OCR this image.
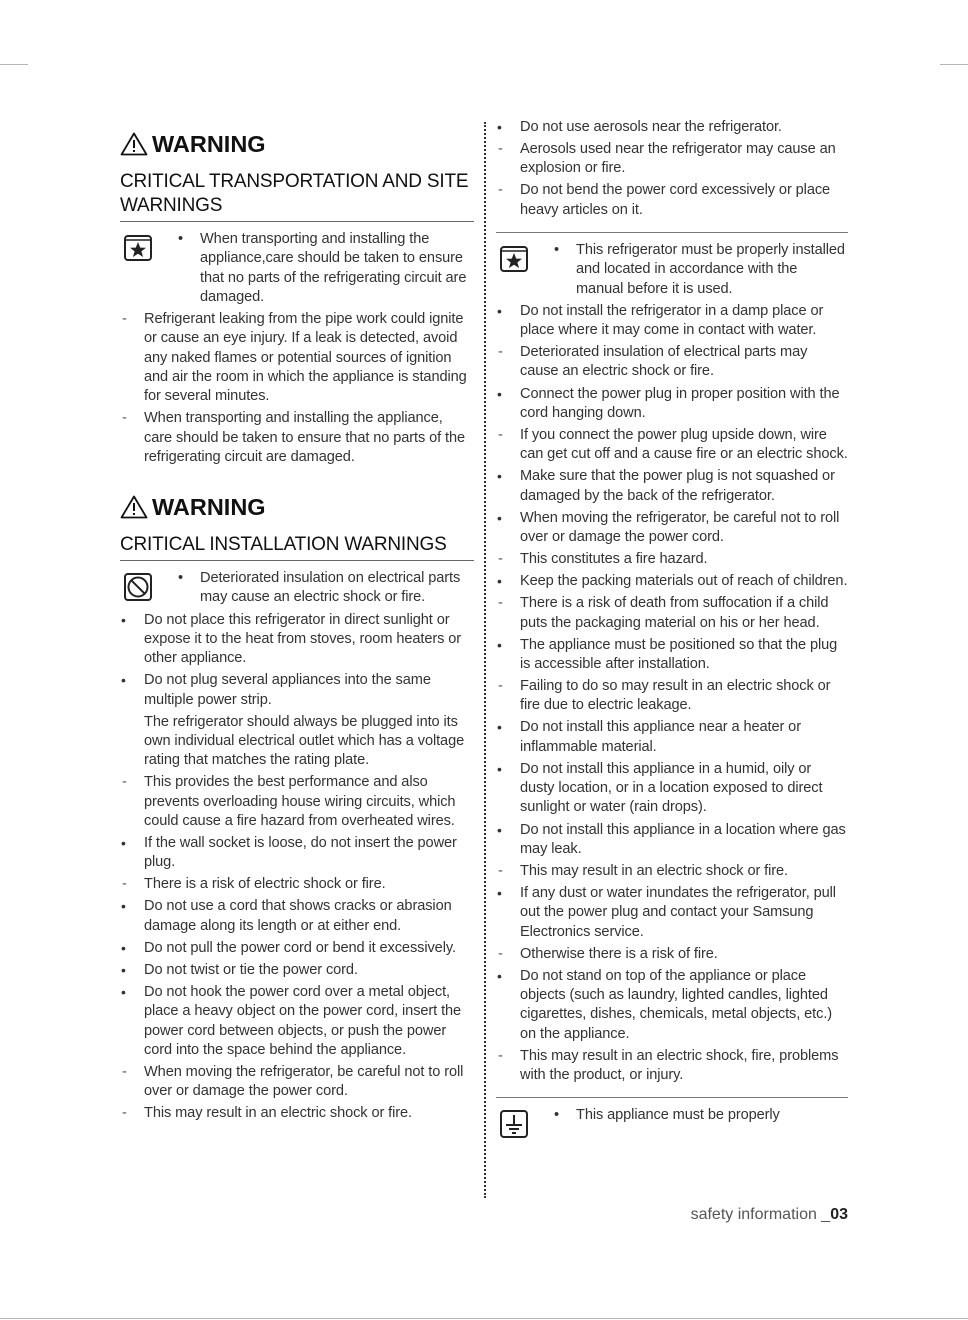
WARNING
CRITICAL TRANSPORTATION AND SITE WARNINGS
•	When transporting and installing the appliance,care should be taken to ensure that no parts of the refrigerating circuit are damaged.
-	Refrigerant leaking from the pipe work could ignite or cause an eye injury. If a leak is detected, avoid any naked flames or potential sources of ignition and air the room in which the appliance is standing for several minutes.
-	When transporting and installing the appliance, care should be taken to ensure that no parts of the refrigerating circuit are damaged.
WARNING
CRITICAL INSTALLATION WARNINGS
•	Deteriorated insulation on electrical parts may cause an electric shock or fire.
•	Do not place this refrigerator in direct sunlight or expose it to the heat from stoves, room heaters or other appliance.
•	Do not plug several appliances into the same multiple power strip.
The refrigerator should always be plugged into its own individual electrical outlet which has a voltage rating that matches the rating plate.
-	This provides the best performance and also prevents overloading house wiring circuits, which could cause a fire hazard from overheated wires.
•	If the wall socket is loose, do not insert the power plug.
-	There is a risk of electric shock or fire.
•	Do not use a cord that shows cracks or abrasion damage along its length or at either end.
•	Do not pull the power cord or bend it excessively.
•	Do not twist or tie the power cord.
•	Do not hook the power cord over a metal object, place a heavy object on the power cord, insert the power cord between objects, or push the power cord into the space behind the appliance.
-	When moving the refrigerator, be careful not to roll over or damage the power cord.
-	This may result in an electric shock or fire.
•	Do not use aerosols near the refrigerator.
-	Aerosols used near the refrigerator may cause an explosion or fire.
-	Do not bend the power cord excessively or place heavy articles on it.
•	This refrigerator must be properly installed and located in accordance with the manual before it is used.
•	Do not install the refrigerator in a damp place or place where it may come in contact with water.
-	Deteriorated insulation of electrical parts may cause an electric shock or fire.
•	Connect the power plug in proper position with the cord hanging down.
-	If you connect the power plug upside down, wire can get cut off and a cause fire or an electric shock.
•	Make sure that the power plug is not squashed or damaged by the back of the refrigerator.
•	When moving the refrigerator, be careful not to roll over or damage the power cord.
-	This constitutes a fire hazard.
•	Keep the packing materials out of reach of children.
-	There is a risk of death from suffocation if a child puts the packaging material on his or her head.
•	The appliance must be positioned so that the plug is accessible after installation.
-	Failing to do so may result in an electric shock or fire due to electric leakage.
•	Do not install this appliance near a heater or inflammable material.
•	Do not install this appliance in a humid, oily or dusty location, or in a location exposed to direct sunlight or water (rain drops).
•	Do not install this appliance in a location where gas may leak.
-	This may result in an electric shock or fire.
•	If any dust or water inundates the refrigerator, pull out the power plug and contact your Samsung Electronics service.
-	Otherwise there is a risk of fire.
•	Do not stand on top of the appliance or place objects (such as laundry, lighted candles, lighted cigarettes, dishes, chemicals, metal objects, etc.) on the appliance.
-	This may result in an electric shock, fire, problems with the product, or injury.
•	This appliance must be properly
safety information _03
